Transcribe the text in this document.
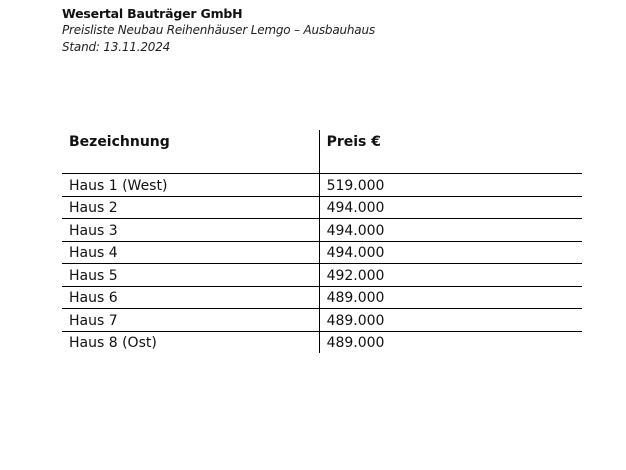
Wesertal Bauträger GmbH
Preisliste Neubau Reihenhäuser Lemgo – Ausbauhaus
Stand: 13.11.2024
Bezeichnung	Preis €

Haus 1 (West)	519.000
Haus 2	494.000
Haus 3	494.000
Haus 4	494.000
Haus 5	492.000
Haus 6	489.000
Haus 7	489.000
Haus 8 (Ost)	489.000
